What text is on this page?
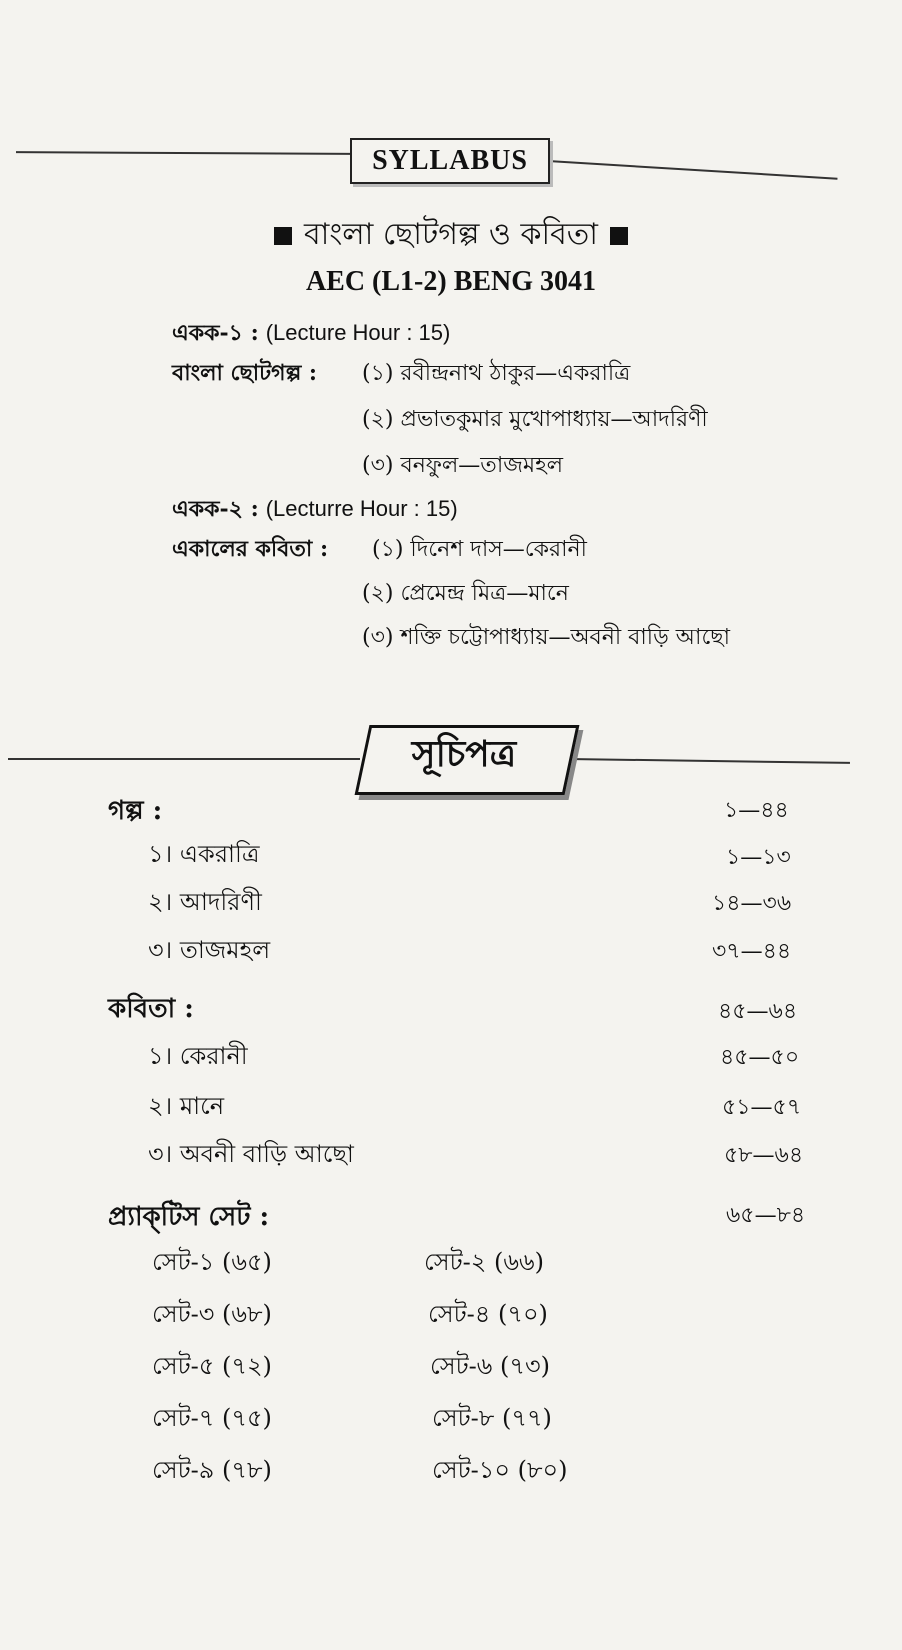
SYLLABUS
বাংলা ছোটগল্প ও কবিতা
AEC (L1-2) BENG 3041
একক-১ : (Lecture Hour : 15)
বাংলা ছোটগল্প : (১) রবীন্দ্রনাথ ঠাকুর—একরাত্রি
(২) প্রভাতকুমার মুখোপাধ্যায়—আদরিণী
(৩) বনফুল—তাজমহল
একক-২ : (Lecturre Hour : 15)
একালের কবিতা : (১) দিনেশ দাস—কেরানী
(২) প্রেমেন্দ্র মিত্র—মানে
(৩) শক্তি চট্টোপাধ্যায়—অবনী বাড়ি আছো
সূচিপত্র
গল্প :	১—৪৪
১। একরাত্রি	১—১৩
২। আদরিণী	১৪—৩৬
৩। তাজমহল	৩৭—৪৪
কবিতা :	৪৫—৬৪
১। কেরানী	৪৫—৫০
২। মানে	৫১—৫৭
৩। অবনী বাড়ি আছো	৫৮—৬৪
প্র্যাক্‌টিস সেট :	৬৫—৮৪
সেট-১ (৬৫)	সেট-২ (৬৬)
সেট-৩ (৬৮)	সেট-৪ (৭০)
সেট-৫ (৭২)	সেট-৬ (৭৩)
সেট-৭ (৭৫)	সেট-৮ (৭৭)
সেট-৯ (৭৮)	সেট-১০ (৮০)
